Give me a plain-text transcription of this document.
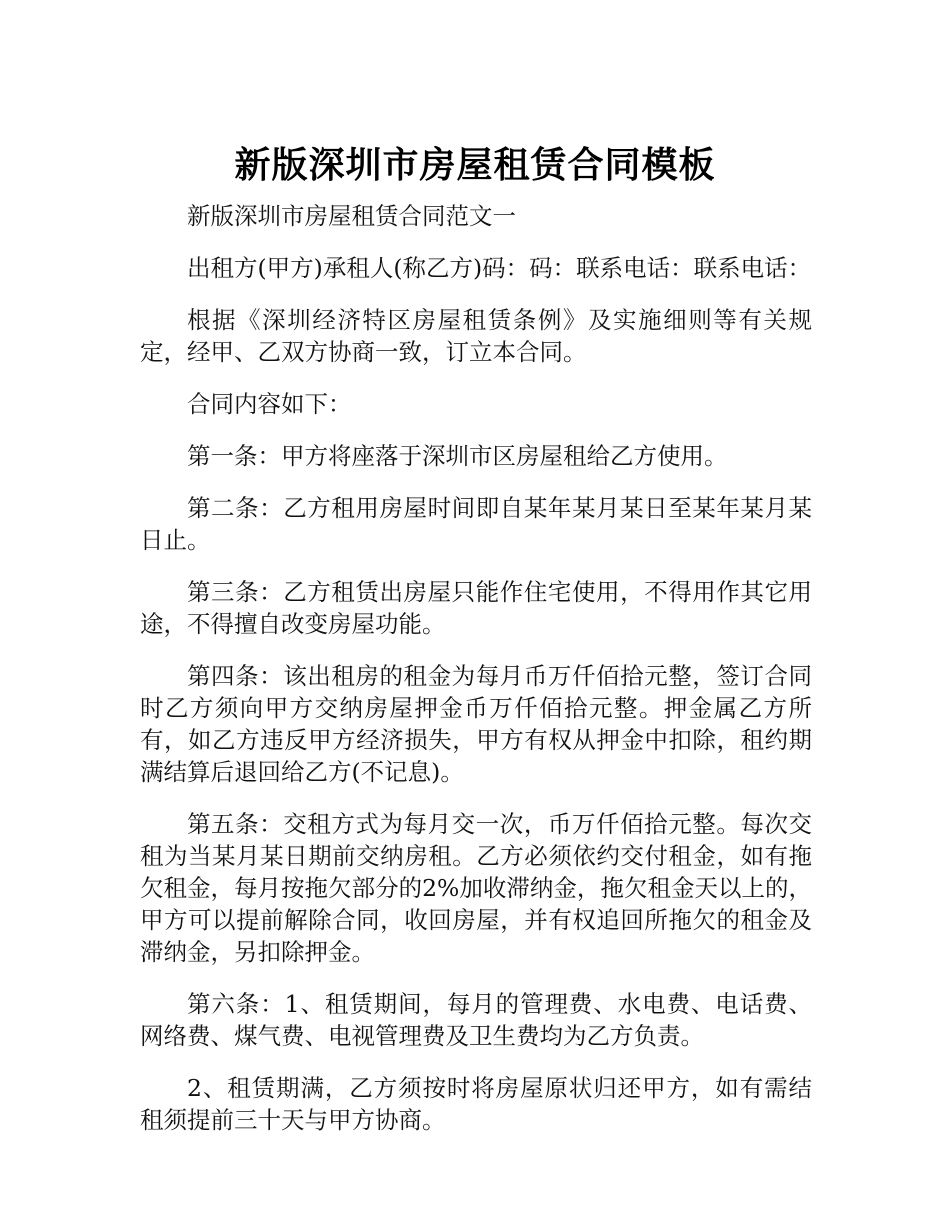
新版深圳市房屋租赁合同模板

新版深圳市房屋租赁合同范文一

出租方(甲方)承租人(称乙方)码：码：联系电话：联系电话：

根据《深圳经济特区房屋租赁条例》及实施细则等有关规定，经甲、乙双方协商一致，订立本合同。

合同内容如下：

第一条：甲方将座落于深圳市区房屋租给乙方使用。

第二条：乙方租用房屋时间即自某年某月某日至某年某月某日止。

第三条：乙方租赁出房屋只能作住宅使用，不得用作其它用途，不得擅自改变房屋功能。

第四条：该出租房的租金为每月币万仟佰拾元整，签订合同时乙方须向甲方交纳房屋押金币万仟佰拾元整。押金属乙方所有，如乙方违反甲方经济损失，甲方有权从押金中扣除，租约期满结算后退回给乙方(不记息)。

第五条：交租方式为每月交一次，币万仟佰拾元整。每次交租为当某月某日期前交纳房租。乙方必须依约交付租金，如有拖欠租金，每月按拖欠部分的2%加收滞纳金，拖欠租金天以上的，甲方可以提前解除合同，收回房屋，并有权追回所拖欠的租金及滞纳金，另扣除押金。

第六条：1、租赁期间，每月的管理费、水电费、电话费、网络费、煤气费、电视管理费及卫生费均为乙方负责。

2、租赁期满，乙方须按时将房屋原状归还甲方，如有需结租须提前三十天与甲方协商。
